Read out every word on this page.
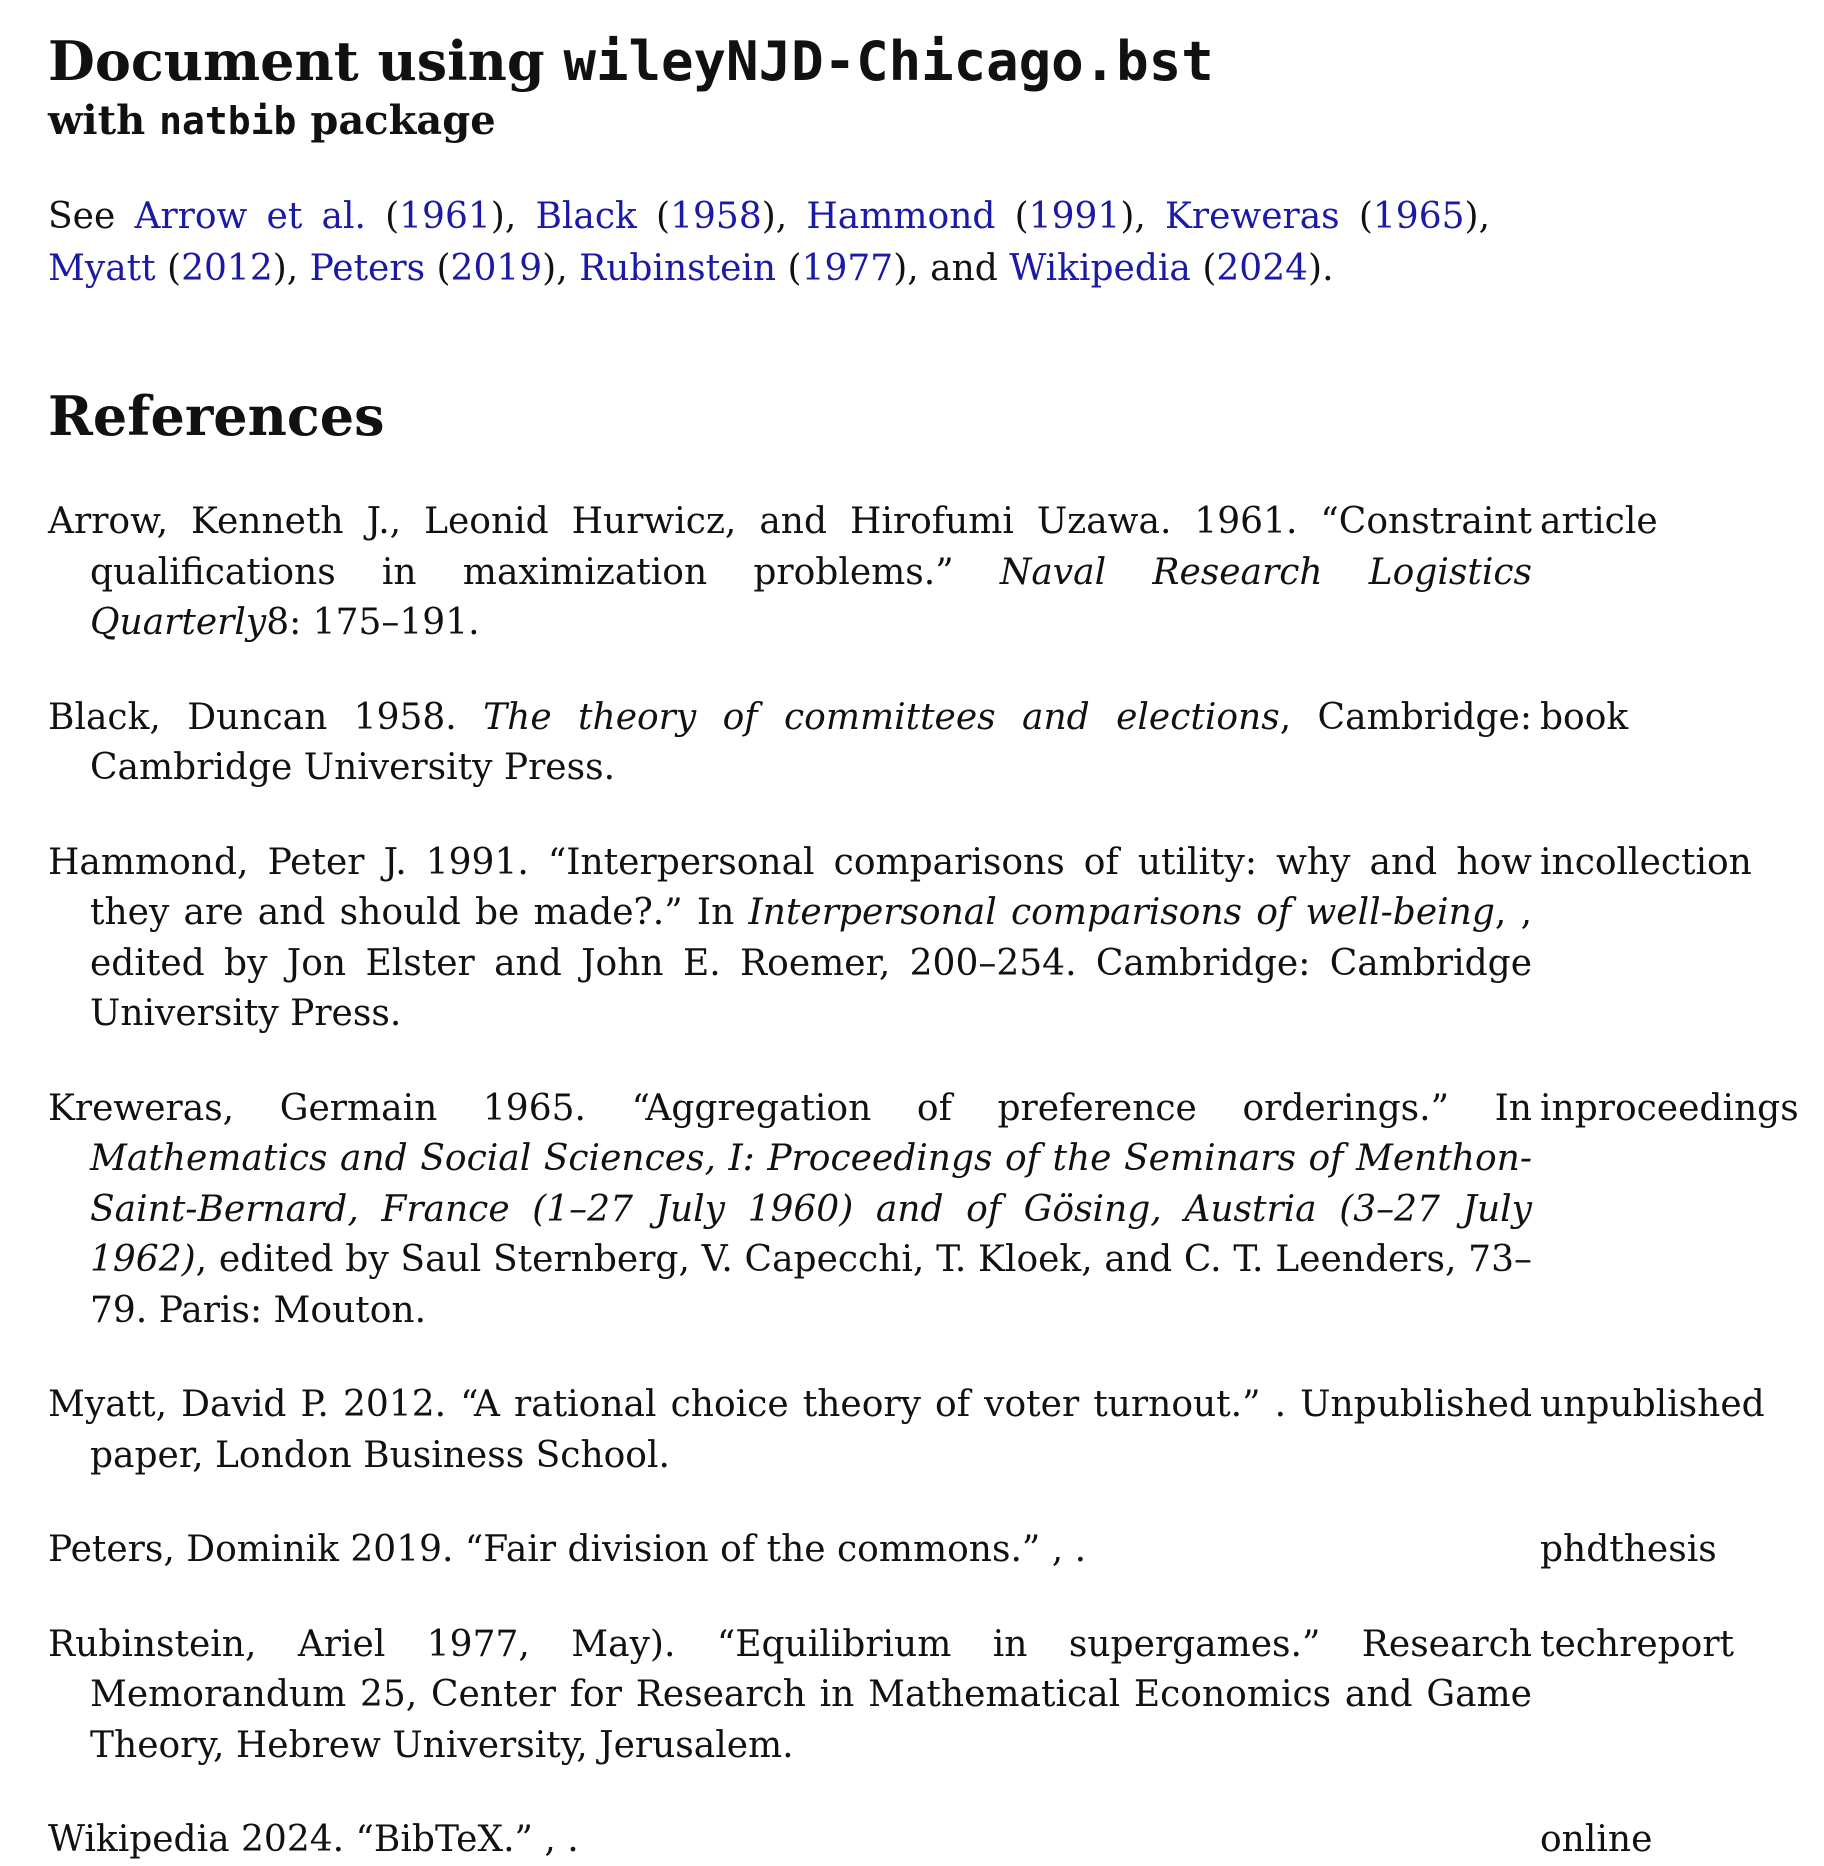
Document using wileyNJD-Chicago.bst
with natbib package

See Arrow et al. (1961), Black (1958), Hammond (1991), Kreweras (1965), Myatt (2012), Peters (2019), Rubinstein (1977), and Wikipedia (2024).

References
Arrow, Kenneth J., Leonid Hurwicz, and Hirofumi Uzawa. 1961. “Constraint qualifications in maximization problems.” Naval Research Logistics Quarterly8: 175–191.
article
Black, Duncan 1958. The theory of committees and elections, Cambridge: Cambridge University Press.
book
Hammond, Peter J. 1991. “Interpersonal comparisons of utility: why and how they are and should be made?.” In Interpersonal comparisons of well-being, , edited by Jon Elster and John E. Roemer, 200–254. Cambridge: Cambridge University Press.
incollection
Kreweras, Germain 1965. “Aggregation of preference orderings.” In Mathematics and Social Sciences, I: Proceedings of the Seminars of Menthon-Saint-Bernard, France (1–27 July 1960) and of Gösing, Austria (3–27 July 1962), edited by Saul Sternberg, V. Capecchi, T. Kloek, and C. T. Leenders, 73–79. Paris: Mouton.
inproceedings
Myatt, David P. 2012. “A rational choice theory of voter turnout.” . Unpublished paper, London Business School.
unpublished
Peters, Dominik 2019. “Fair division of the commons.” , .	phdthesis
Rubinstein, Ariel 1977, May). “Equilibrium in supergames.” Research Memorandum 25, Center for Research in Mathematical Economics and Game Theory, Hebrew University, Jerusalem.
techreport
Wikipedia 2024. “BibTeX.” , .	online
